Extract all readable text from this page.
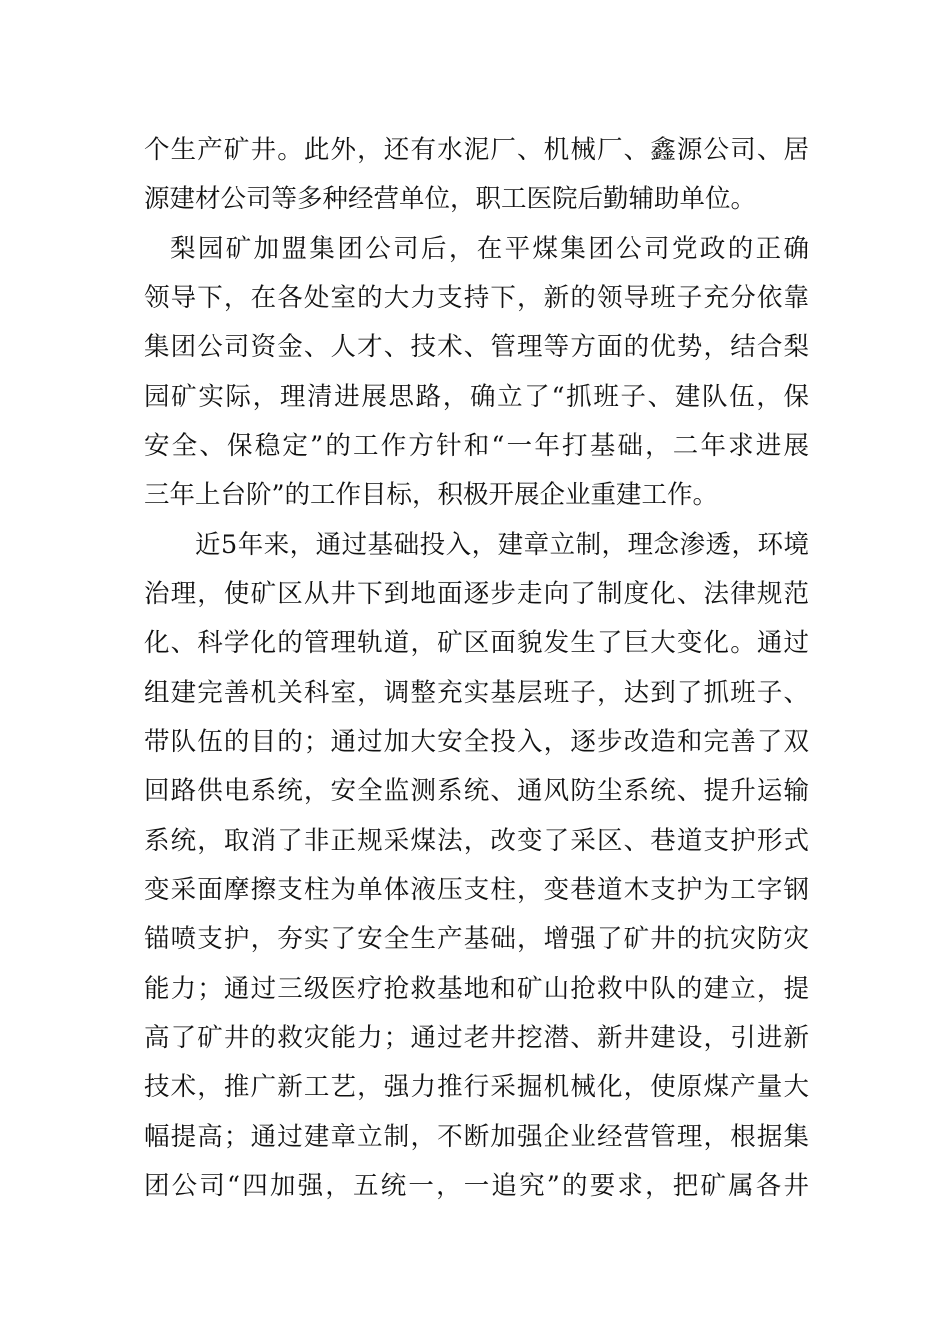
个生产矿井。此外，还有水泥厂、机械厂、鑫源公司、居
源建材公司等多种经营单位，职工医院后勤辅助单位。
梨园矿加盟集团公司后，在平煤集团公司党政的正确
领导下，在各处室的大力支持下，新的领导班子充分依靠
集团公司资金、人才、技术、管理等方面的优势，结合梨
园矿实际，理清进展思路，确立了“抓班子、建队伍，保
安全、保稳定”的工作方针和“一年打基础，二年求进展
三年上台阶”的工作目标，积极开展企业重建工作。
近5年来，通过基础投入，建章立制，理念渗透，环境
治理，使矿区从井下到地面逐步走向了制度化、法律规范
化、科学化的管理轨道，矿区面貌发生了巨大变化。通过
组建完善机关科室，调整充实基层班子，达到了抓班子、
带队伍的目的；通过加大安全投入，逐步改造和完善了双
回路供电系统，安全监测系统、通风防尘系统、提升运输
系统，取消了非正规采煤法，改变了采区、巷道支护形式
变采面摩擦支柱为单体液压支柱，变巷道木支护为工字钢
锚喷支护，夯实了安全生产基础，增强了矿井的抗灾防灾
能力；通过三级医疗抢救基地和矿山抢救中队的建立，提
高了矿井的救灾能力；通过老井挖潜、新井建设，引进新
技术，推广新工艺，强力推行采掘机械化，使原煤产量大
幅提高；通过建章立制，不断加强企业经营管理，根据集
团公司“四加强，五统一，一追究”的要求，把矿属各井
